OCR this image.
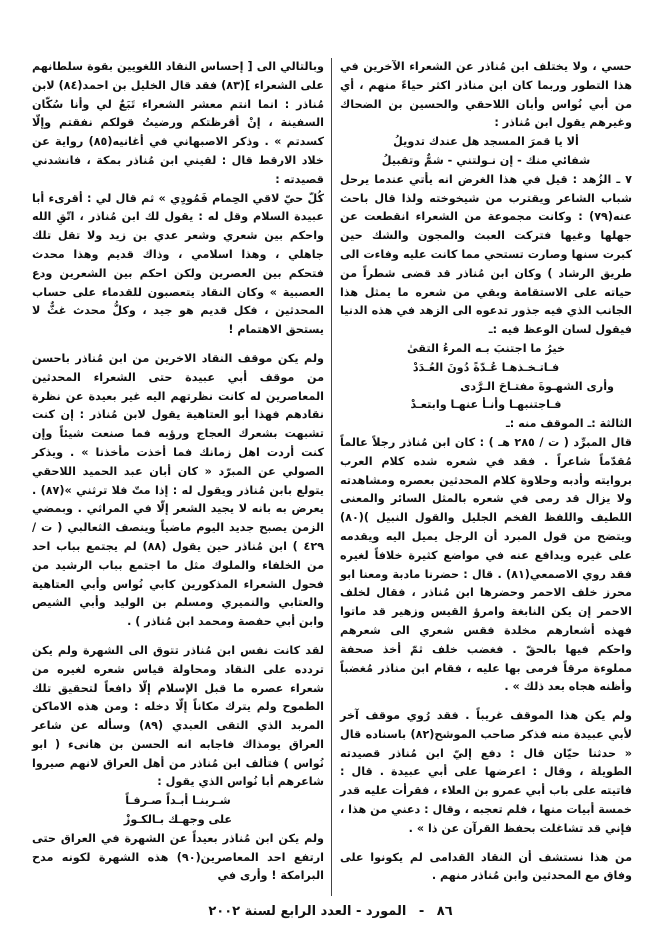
حسي ، ولا يختلف ابن مُناذر عن الشعراء الآخرين في هذا التطور وربما كان ابن مناذر اكثر حياءً منهم ، أي من أبي نُواس وأبان اللاحقي والحسين بن الضحاك وغيرهم يقول ابن مُناذر :

ألا يا قمرَ المسجد هل عندك تدويلُ

شفائي منك - إن نـولتني - شمٌّ وتقبيلُ

٧ ـ الزُهد : قيل في هذا الغرض انه يأتي عندما يرحل شباب الشاعر ويقترب من شيخوخته ولذا قال باحث عنه(٧٩) : وكانت مجموعة من الشعراء انقطعت عن جهلها وغيها فتركت العبث والمجون والشك حين كبرت سنها وصارت تستحي مما كانت عليه وفاءت الى طريق الرشاد ) وكان ابن مُناذر قد قضى شطراً من حياته على الاستقامة وبقي من شعره ما يمثل هذا الجانب الذي فيه جذور تدعوه الى الزهد في هذه الدنيا فيقول لسان الوعظ فيه :ـ

خيرُ ما اجتنبَ بـه المرءُ التقىٰ

فـاتـخـذهـا عُـدّةً دُونَ العُـدَدْ

وأرى الشهـوةَ مفتـاحَ الـرَّدى

فـاجتنبهـا وأنـأ عنهـا وابتعـدْ

الثالثة :ـ الموقف منه :ـ

قال المبرِّد ( ت / ٢٨٥ هـ ) : كان ابن مُناذر رجلاً عالماً مُقدّماً شاعراً . فقد في شعره شده كلام العرب بروايته وأدبه وحلاوة كلام المحدثين بعصره ومشاهدته ولا يزال قد رمى في شعره بالمثل السائر والمعنى اللطيف واللفظ الفخم الجليل والقول النبيل )(٨٠) ويتضح من قول المبرد أن الرجل يميل اليه ويقدمه على غيره ويدافع عنه في مواضع كثيرة خلافاً لغيره فقد روي الاصمعي(٨١) . قال : حضرنا مادبة ومعنا ابو محرز خلف الاحمر وحضرها ابن مُناذر ، فقال لخلف الاحمر إن يكن النابغة وامرؤ القيس وزهير قد ماتوا فهذه أشعارهم مخلدة فقس شعري الى شعرهم واحكم فيها بالحقّ . فغضب خلف ثمّ أخذ صحفة مملوءة مرقاً فرمى بها عليه ، فقام ابن مناذر مُغضباً وأظنه هجاه بعد ذلك » .

ولم يكن هذا الموقف غريباً . فقد رُوي موقف آخر لأبي عبيدة منه فذكر صاحب الموشح(٨٢) باسناده قال « حدثنا حيّان قال : دفع إليّ ابن مُناذر قصيدته الطويلة ، وقال : اعرضها على أبي عبيدة . قال : فاتيته على باب أبي عمرو بن العلاء ، فقرأت عليه قدر خمسة أبيات منها ، فلم تعجبه ، وقال : دعني من هذا ، فإني قد تشاغلت بحفظ القرآن عن ذا » .

من هذا نستشف أن النقاد القدامى لم يكونوا على وفاق مع المحدثين وابن مُناذر منهم .

وبالتالي الى [ إحساس النقاد اللغويين بقوة سلطانهم على الشعراء ](٨٣) فقد قال الخليل بن احمد(٨٤) لابن مُناذر : انما انتم معشر الشعراء تَبَعٌ لي وأنا سُكّان السفينة ، إنْ أقرظتكم ورضيتُ قولكم نفقتم وإلّا كسدتم » . وذكر الاصبهاني في أغانيه(٨٥) رواية عن خلاد الارقط قال : لقيني ابن مُناذر بمكة ، فانشدني قصيدته :

كُلّ حيّ لاقي الحِمام فَمُودِي » ثم قال لي : أقرىء أبا عبيدة السلام وقل له : يقول لك ابن مُناذر ، اتّقِ الله واحكم بين شعري وشعر عدي بن زيد ولا تقل تلك جاهلي ، وهذا اسلامي ، وذاك قديم وهذا محدث فتحكم بين العصرين ولكن احكم بين الشعرين ودع العصبية » وكان النقاد يتعصبون للقدماء على حساب المحدثين ، فكل قديم هو جيد ، وكلُّ محدث غثٌّ لا يستحق الاهتمام !

ولم يكن موقف النقاد الاخرين من ابن مُناذر باحسن من موقف أبي عبيدة حتى الشعراء المحدثين المعاصرين له كانت نظرتهم اليه غير بعيدة عن نظرة نقادهم فهذا أبو العتاهية يقول لابن مُناذر : إن كنت تشبهت بشعرك العجاج ورؤبه فما صنعت شيئاً وإن كنت أردت اهل زمانك فما أخذت مأخذنا » . ويذكر الصولي عن المبرّد « كان أبان عبد الحميد اللاحقي يتولع بابن مُناذر ويقول له : إذا متّ فلا ترثني »(٨٧) . يعرض به بانه لا يجيد الشعر إلّا في المراثي . وبمضي الزمن يصبح جديد اليوم ماضياً وينصف الثعالبي ( ت / ٤٢٩ ) ابن مُناذر حين يقول (٨٨) لم يجتمع بباب احد من الخلفاء والملوك مثل ما اجتمع بباب الرشيد من فحول الشعراء المذكورين كابي نُواس وأبي العتاهية والعتابي والنميري ومسلم بن الوليد وأبي الشيص وابن أبي حفصة ومحمد ابن مُناذر ) .

لقد كانت نفس ابن مُناذر تتوق الى الشهرة ولم يكن تردده على النقاد ومحاولة قياس شعره لغيره من شعراء عصره ما قبل الإسلام إلّا دافعاً لتحقيق تلك الطموح ولم يترك مكاناً إلّا دخله : ومن هذه الاماكن المربد الذي التقى العبدي (٨٩) وسأله عن شاعر العراق يومذاك فاجابه انه الحسن بن هانىء ( ابو نُواس ) فتألف ابن مُناذر من أهل العراق لانهم صيروا شاعرهم أبا نُواس الذي يقول :

شـربنـا أبـداً صـرفـاً

على وجهـك بـالكـوزْ

ولم يكن ابن مُناذر بعيداً عن الشهرة في العراق حتى ارتفع احد المعاصرين(٩٠) هذه الشهرة لكونه مدح البرامكة ! وأرى في

٨٦ - المورد - العدد الرابع لسنة ٢٠٠٢
